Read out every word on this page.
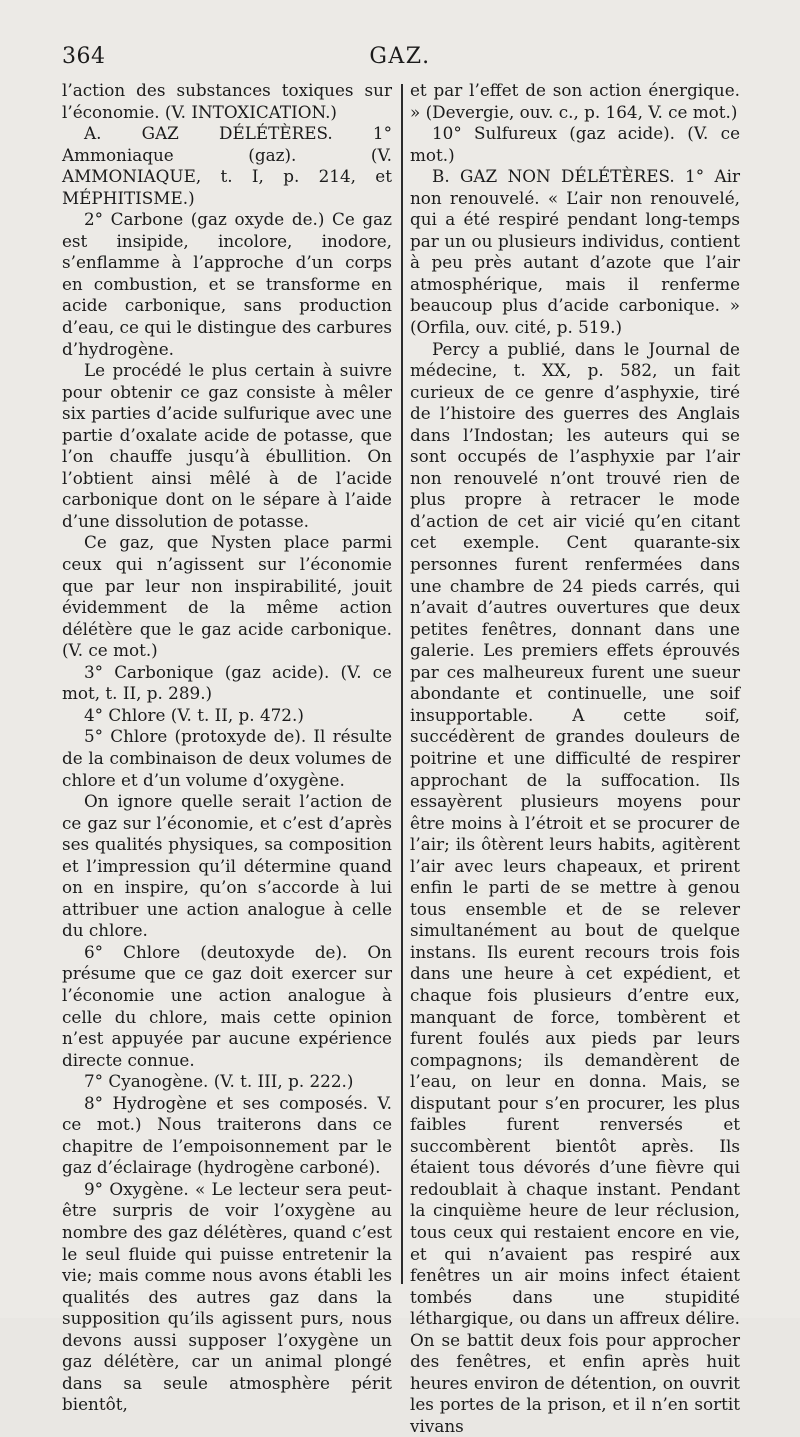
364	GAZ.

l’action des substances toxiques sur l’économie. (V. INTOXICATION.)

A. GAZ DÉLÉTÈRES. 1° Ammoniaque (gaz). (V. AMMONIAQUE, t. I, p. 214, et MÉPHITISME.)

2° Carbone (gaz oxyde de.) Ce gaz est insipide, incolore, inodore, s’enflamme à l’approche d’un corps en combustion, et se transforme en acide carbonique, sans production d’eau, ce qui le distingue des carbures d’hydrogène.

Le procédé le plus certain à suivre pour obtenir ce gaz consiste à mêler six parties d’acide sulfurique avec une partie d’oxalate acide de potasse, que l’on chauffe jusqu’à ébullition. On l’obtient ainsi mêlé à de l’acide carbonique dont on le sépare à l’aide d’une dissolution de potasse.

Ce gaz, que Nysten place parmi ceux qui n’agissent sur l’économie que par leur non inspirabilité, jouit évidemment de la même action délétère que le gaz acide carbonique. (V. ce mot.)

3° Carbonique (gaz acide). (V. ce mot, t. II, p. 289.)

4° Chlore (V. t. II, p. 472.)

5° Chlore (protoxyde de). Il résulte de la combinaison de deux volumes de chlore et d’un volume d’oxygène.

On ignore quelle serait l’action de ce gaz sur l’économie, et c’est d’après ses qualités physiques, sa composition et l’impression qu’il détermine quand on en inspire, qu’on s’accorde à lui attribuer une action analogue à celle du chlore.

6° Chlore (deutoxyde de). On présume que ce gaz doit exercer sur l’économie une action analogue à celle du chlore, mais cette opinion n’est appuyée par aucune expérience directe connue.

7° Cyanogène. (V. t. III, p. 222.)

8° Hydrogène et ses composés. V. ce mot.) Nous traiterons dans ce chapitre de l’empoisonnement par le gaz d’éclairage (hydrogène carboné).

9° Oxygène. « Le lecteur sera peut-être surpris de voir l’oxygène au nombre des gaz délétères, quand c’est le seul fluide qui puisse entretenir la vie; mais comme nous avons établi les qualités des autres gaz dans la supposition qu’ils agissent purs, nous devons aussi supposer l’oxygène un gaz délétère, car un animal plongé dans sa seule atmosphère périt bientôt,

et par l’effet de son action énergique. » (Devergie, ouv. c., p. 164, V. ce mot.)

10° Sulfureux (gaz acide). (V. ce mot.)

B. GAZ NON DÉLÉTÈRES. 1° Air non renouvelé. « L’air non renouvelé, qui a été respiré pendant long-temps par un ou plusieurs individus, contient à peu près autant d’azote que l’air atmosphérique, mais il renferme beaucoup plus d’acide carbonique. » (Orfila, ouv. cité, p. 519.)

Percy a publié, dans le Journal de médecine, t. XX, p. 582, un fait curieux de ce genre d’asphyxie, tiré de l’histoire des guerres des Anglais dans l’Indostan; les auteurs qui se sont occupés de l’asphyxie par l’air non renouvelé n’ont trouvé rien de plus propre à retracer le mode d’action de cet air vicié qu’en citant cet exemple. Cent quarante-six personnes furent renfermées dans une chambre de 24 pieds carrés, qui n’avait d’autres ouvertures que deux petites fenêtres, donnant dans une galerie. Les premiers effets éprouvés par ces malheureux furent une sueur abondante et continuelle, une soif insupportable. A cette soif, succédèrent de grandes douleurs de poitrine et une difficulté de respirer approchant de la suffocation. Ils essayèrent plusieurs moyens pour être moins à l’étroit et se procurer de l’air; ils ôtèrent leurs habits, agitèrent l’air avec leurs chapeaux, et prirent enfin le parti de se mettre à genou tous ensemble et de se relever simultanément au bout de quelque instans. Ils eurent recours trois fois dans une heure à cet expédient, et chaque fois plusieurs d’entre eux, manquant de force, tombèrent et furent foulés aux pieds par leurs compagnons; ils demandèrent de l’eau, on leur en donna. Mais, se disputant pour s’en procurer, les plus faibles furent renversés et succombèrent bientôt après. Ils étaient tous dévorés d’une fièvre qui redoublait à chaque instant. Pendant la cinquième heure de leur réclusion, tous ceux qui restaient encore en vie, et qui n’avaient pas respiré aux fenêtres un air moins infect étaient tombés dans une stupidité léthargique, ou dans un affreux délire. On se battit deux fois pour approcher des fenêtres, et enfin après huit heures environ de détention, on ouvrit les portes de la prison, et il n’en sortit vivans
